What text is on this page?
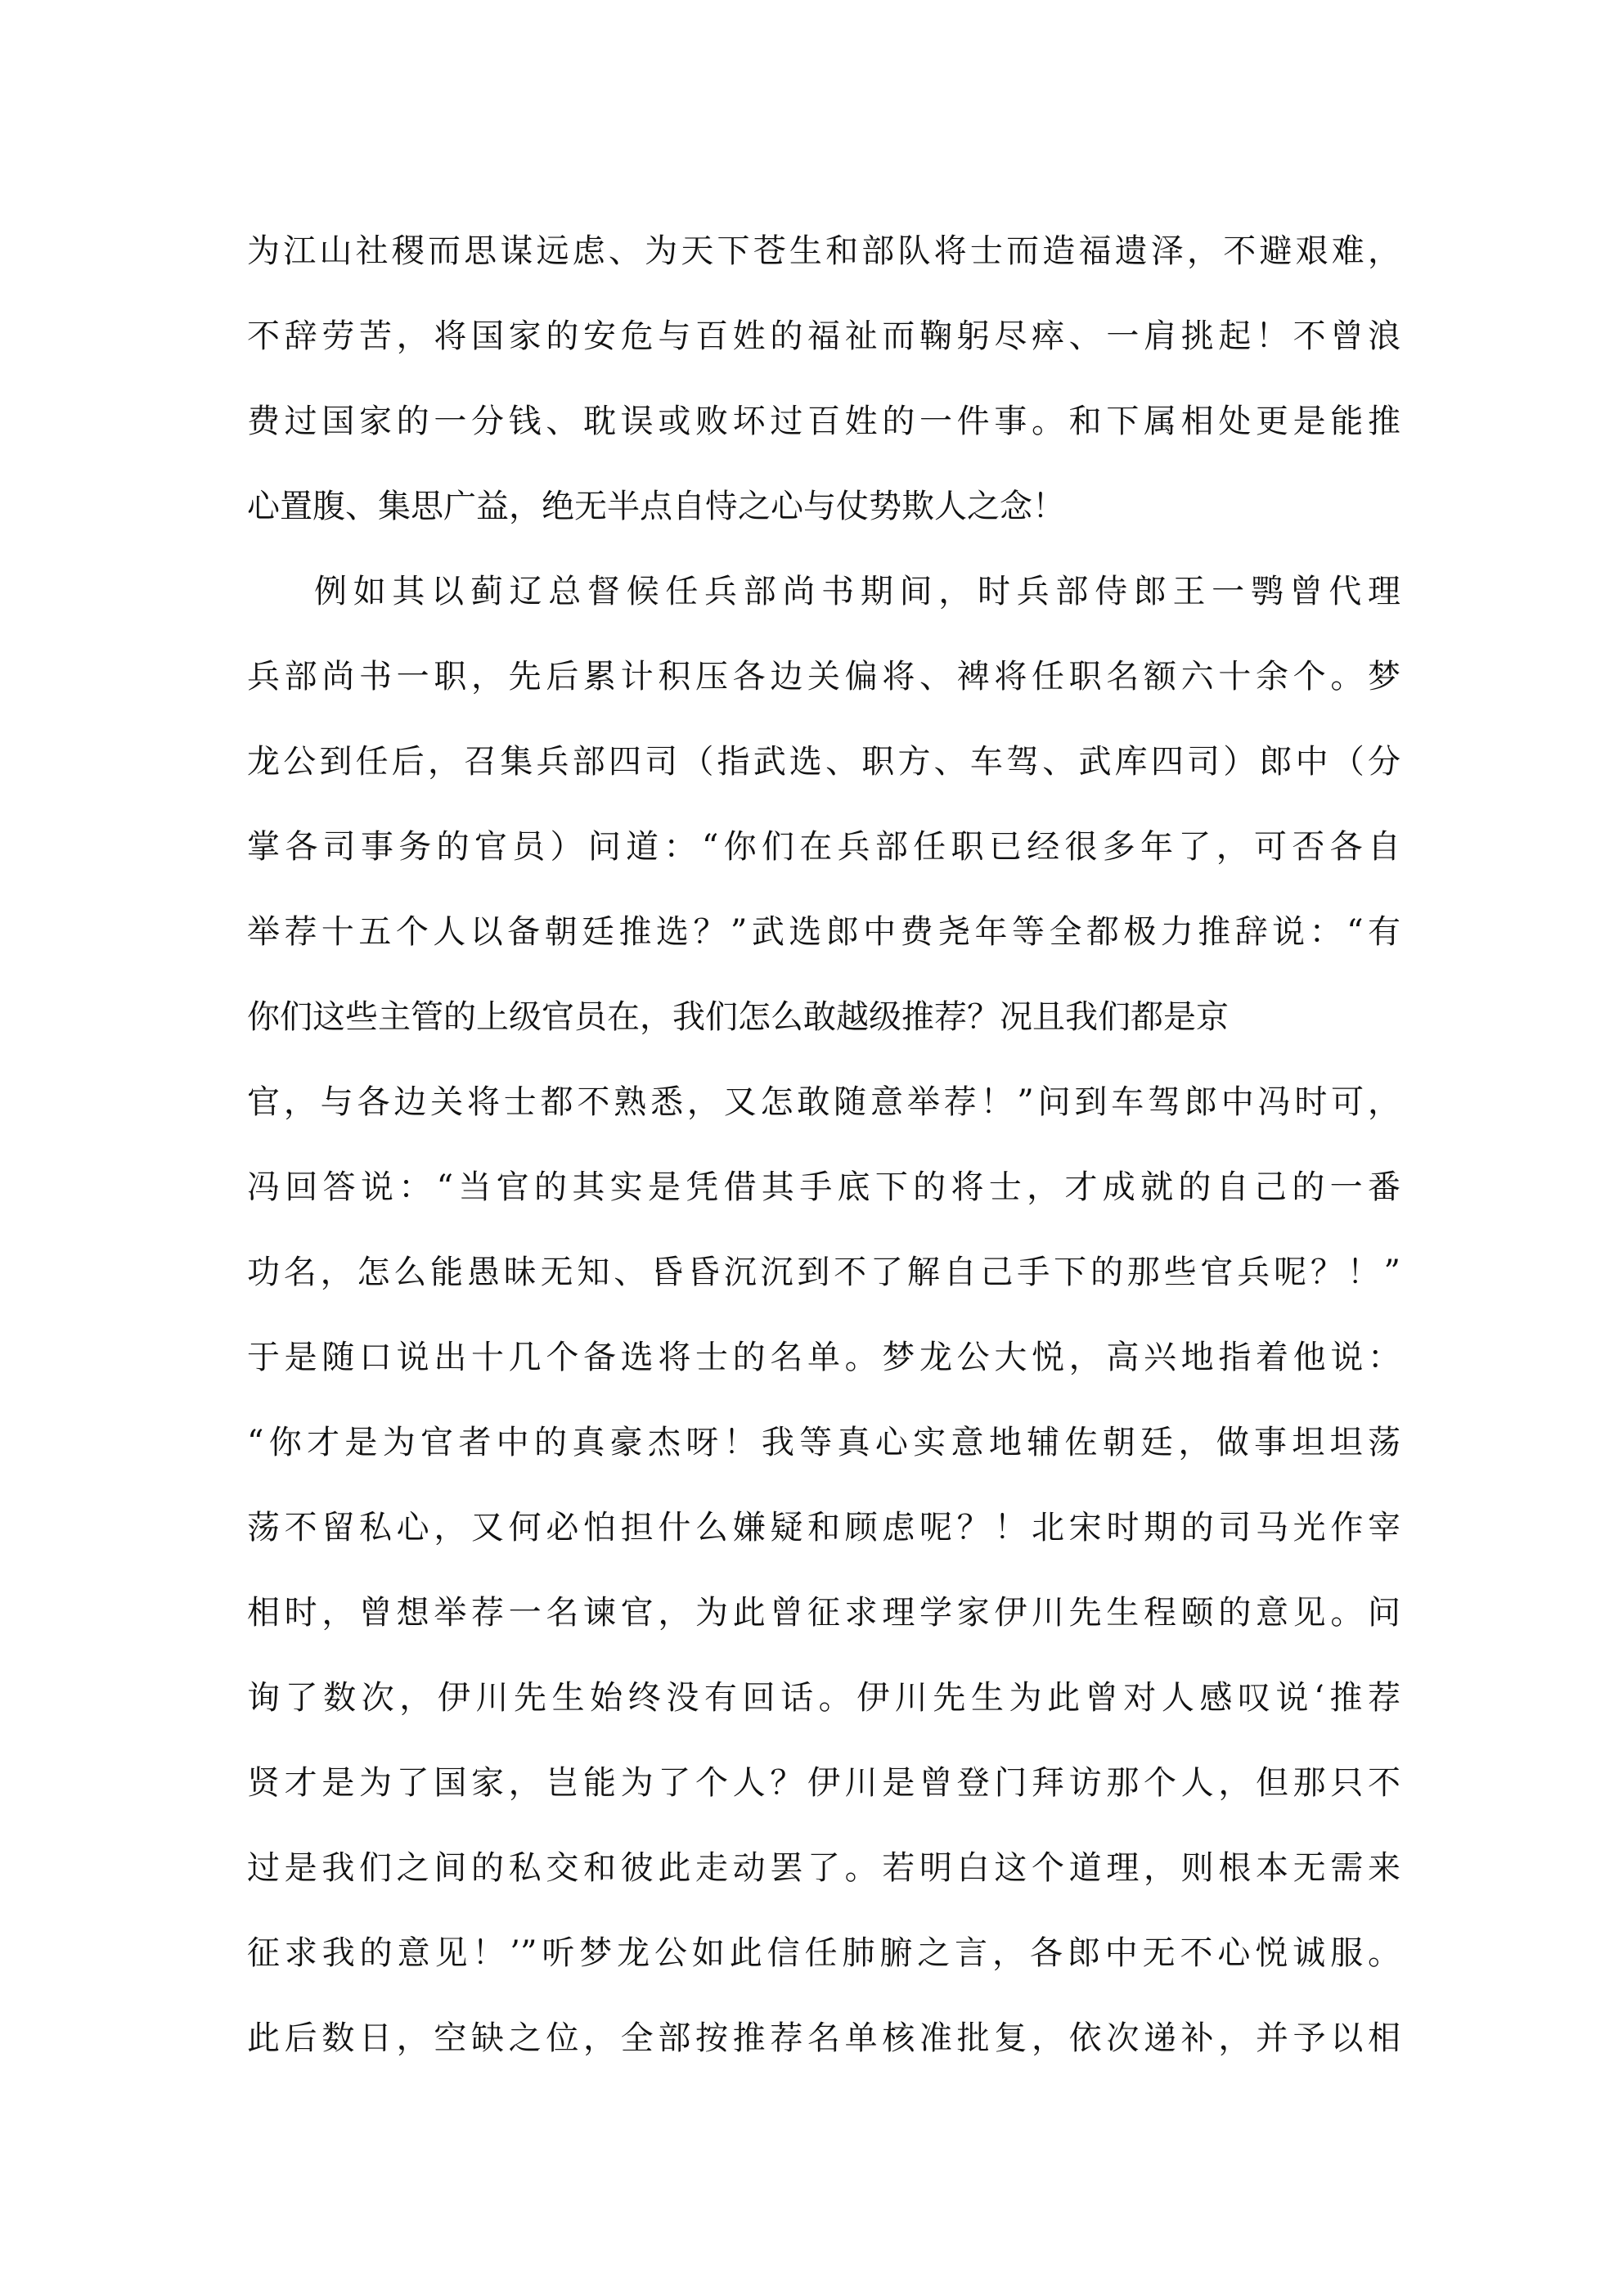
为江山社稷而思谋远虑、为天下苍生和部队将士而造福遗泽，不避艰难，
不辞劳苦，将国家的安危与百姓的福祉而鞠躬尽瘁、一肩挑起！不曾浪
费过国家的一分钱、耽误或败坏过百姓的一件事。和下属相处更是能推
心置腹、集思广益，绝无半点自恃之心与仗势欺人之念！
例如其以蓟辽总督候任兵部尚书期间，时兵部侍郎王一鹗曾代理
兵部尚书一职，先后累计积压各边关偏将、裨将任职名额六十余个。梦
龙公到任后，召集兵部四司（指武选、职方、车驾、武库四司）郎中（分
掌各司事务的官员）问道：“你们在兵部任职已经很多年了，可否各自
举荐十五个人以备朝廷推选？”武选郎中费尧年等全都极力推辞说：“有
你们这些主管的上级官员在，我们怎么敢越级推荐？况且我们都是京
官，与各边关将士都不熟悉，又怎敢随意举荐！”问到车驾郎中冯时可，
冯回答说：“当官的其实是凭借其手底下的将士，才成就的自己的一番
功名，怎么能愚昧无知、昏昏沉沉到不了解自己手下的那些官兵呢？！”
于是随口说出十几个备选将士的名单。梦龙公大悦，高兴地指着他说：
“你才是为官者中的真豪杰呀！我等真心实意地辅佐朝廷，做事坦坦荡
荡不留私心，又何必怕担什么嫌疑和顾虑呢？！北宋时期的司马光作宰
相时，曾想举荐一名谏官，为此曾征求理学家伊川先生程颐的意见。问
询了数次，伊川先生始终没有回话。伊川先生为此曾对人感叹说‘推荐
贤才是为了国家，岂能为了个人？伊川是曾登门拜访那个人，但那只不
过是我们之间的私交和彼此走动罢了。若明白这个道理，则根本无需来
征求我的意见！’”听梦龙公如此信任肺腑之言，各郎中无不心悦诚服。
此后数日，空缺之位，全部按推荐名单核准批复，依次递补，并予以相
